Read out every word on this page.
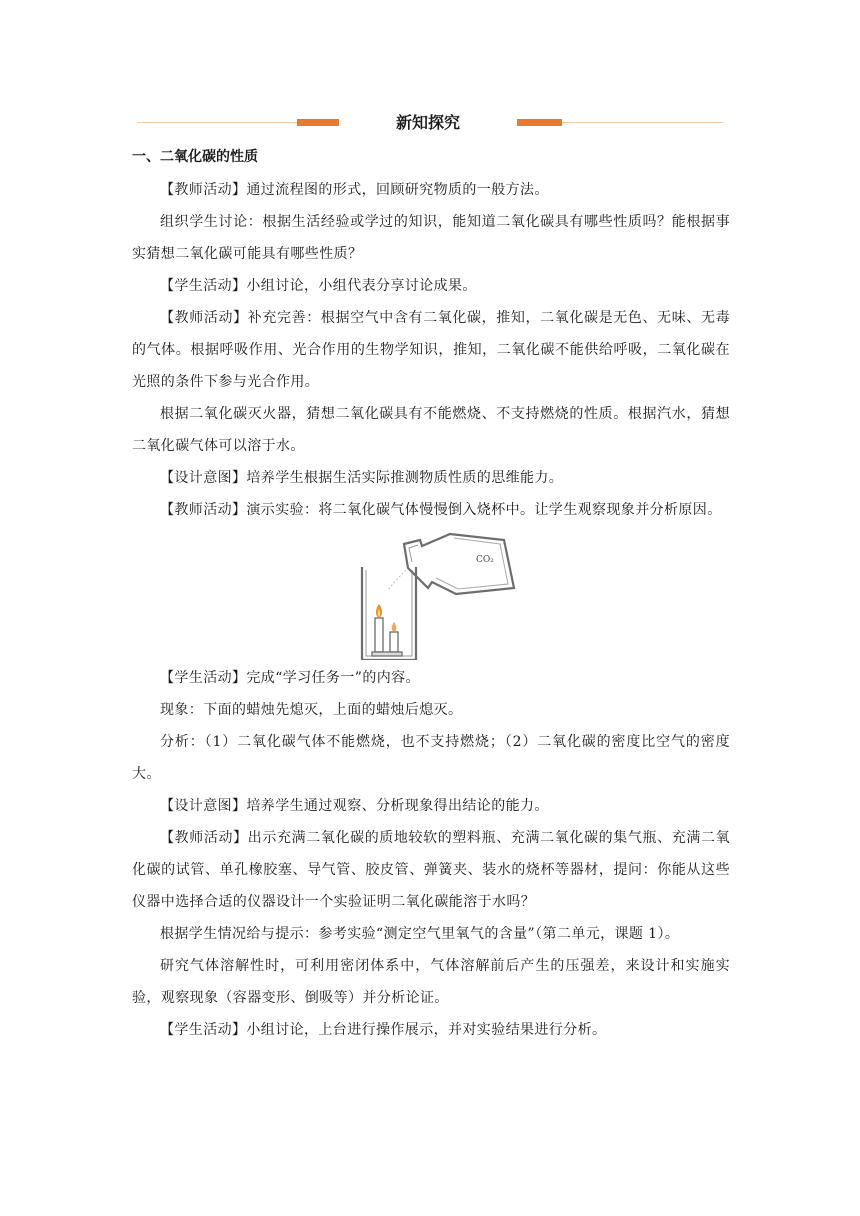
新知探究

一、二氧化碳的性质

【教师活动】通过流程图的形式，回顾研究物质的一般方法。

组织学生讨论：根据生活经验或学过的知识，能知道二氧化碳具有哪些性质吗？能根据事实猜想二氧化碳可能具有哪些性质？

【学生活动】小组讨论，小组代表分享讨论成果。

【教师活动】补充完善：根据空气中含有二氧化碳，推知，二氧化碳是无色、无味、无毒的气体。根据呼吸作用、光合作用的生物学知识，推知，二氧化碳不能供给呼吸，二氧化碳在光照的条件下参与光合作用。

根据二氧化碳灭火器，猜想二氧化碳具有不能燃烧、不支持燃烧的性质。根据汽水，猜想二氧化碳气体可以溶于水。

【设计意图】培养学生根据生活实际推测物质性质的思维能力。

【教师活动】演示实验：将二氧化碳气体慢慢倒入烧杯中。让学生观察现象并分析原因。

CO₂

【学生活动】完成“学习任务一”的内容。

现象：下面的蜡烛先熄灭，上面的蜡烛后熄灭。

分析：（1）二氧化碳气体不能燃烧，也不支持燃烧；（2）二氧化碳的密度比空气的密度大。

【设计意图】培养学生通过观察、分析现象得出结论的能力。

【教师活动】出示充满二氧化碳的质地较软的塑料瓶、充满二氧化碳的集气瓶、充满二氧化碳的试管、单孔橡胶塞、导气管、胶皮管、弹簧夹、装水的烧杯等器材，提问：你能从这些仪器中选择合适的仪器设计一个实验证明二氧化碳能溶于水吗？

根据学生情况给与提示：参考实验“测定空气里氧气的含量”（第二单元，课题 1）。

研究气体溶解性时，可利用密闭体系中，气体溶解前后产生的压强差，来设计和实施实验，观察现象（容器变形、倒吸等）并分析论证。

【学生活动】小组讨论，上台进行操作展示，并对实验结果进行分析。
